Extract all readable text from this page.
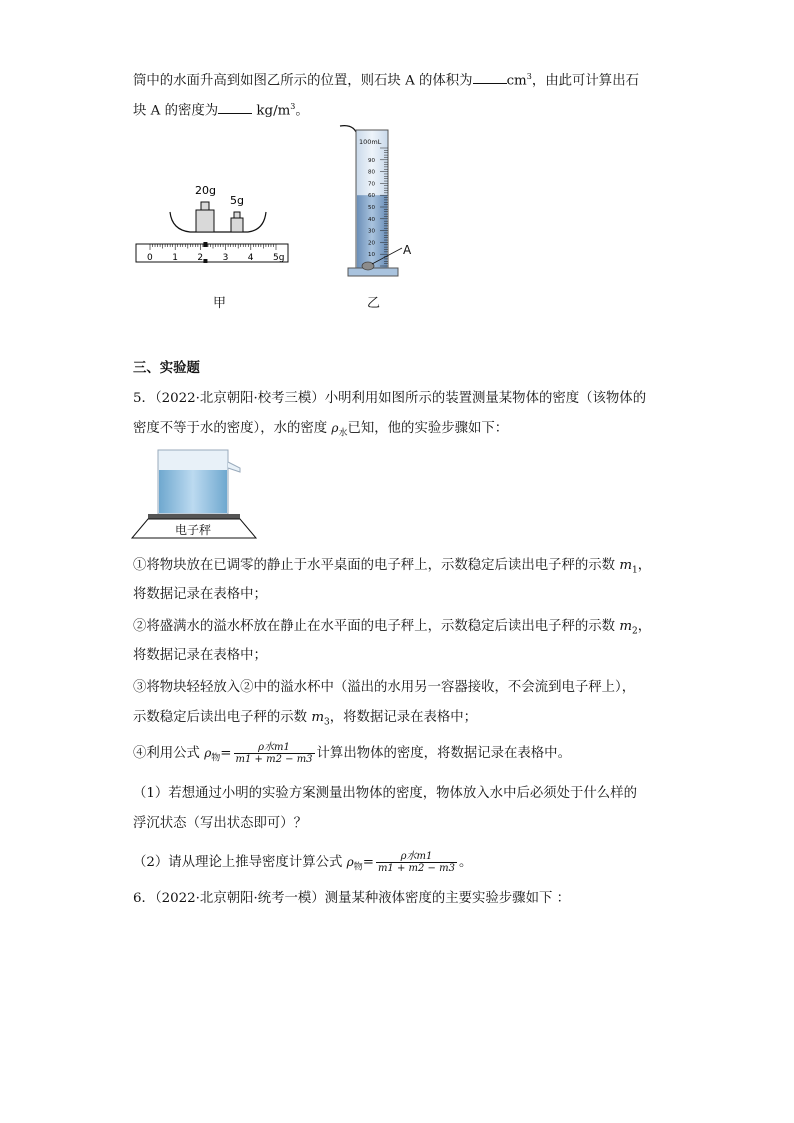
筒中的水面升高到如图乙所示的位置，则石块 A 的体积为	$cm^3$，由此可计算出石
块 A 的密度为	$kg/m^3$。
20g
5g
0 1 2 3 4 5g
甲
100mL
90
80
70
60
50
40
30
20
10 A
乙
三、实验题
5．（2022·北京朝阳·校考三模）小明利用如图所示的装置测量某物体的密度（该物体的
密度不等于水的密度），水的密度 $\rho_水$已知，他的实验步骤如下：
电子秤
①将物块放在已调零的静止于水平桌面的电子秤上，示数稳定后读出电子秤的示数 $m_1$，
将数据记录在表格中；
②将盛满水的溢水杯放在静止在水平面的电子秤上，示数稳定后读出电子秤的示数 $m_2$，
将数据记录在表格中；
③将物块轻轻放入②中的溢水杯中（溢出的水用另一容器接收，不会流到电子秤上），
示数稳定后读出电子秤的示数 $m_3$，将数据记录在表格中；
④利用公式 $\rho_物= \frac{\text{ρ水m1}}{m1 + m2 - m3}$ 计算出物体的密度，将数据记录在表格中。
（1）若想通过小明的实验方案测量出物体的密度，物体放入水中后必须处于什么样的
浮沉状态（写出状态即可）？
（2）请从理论上推导密度计算公式 $\rho_物= \frac{\text{ρ水m1}}{m1 + m2 - m3}$ 。
6．（2022·北京朝阳·统考一模）测量某种液体密度的主要实验步骤如下 ：
